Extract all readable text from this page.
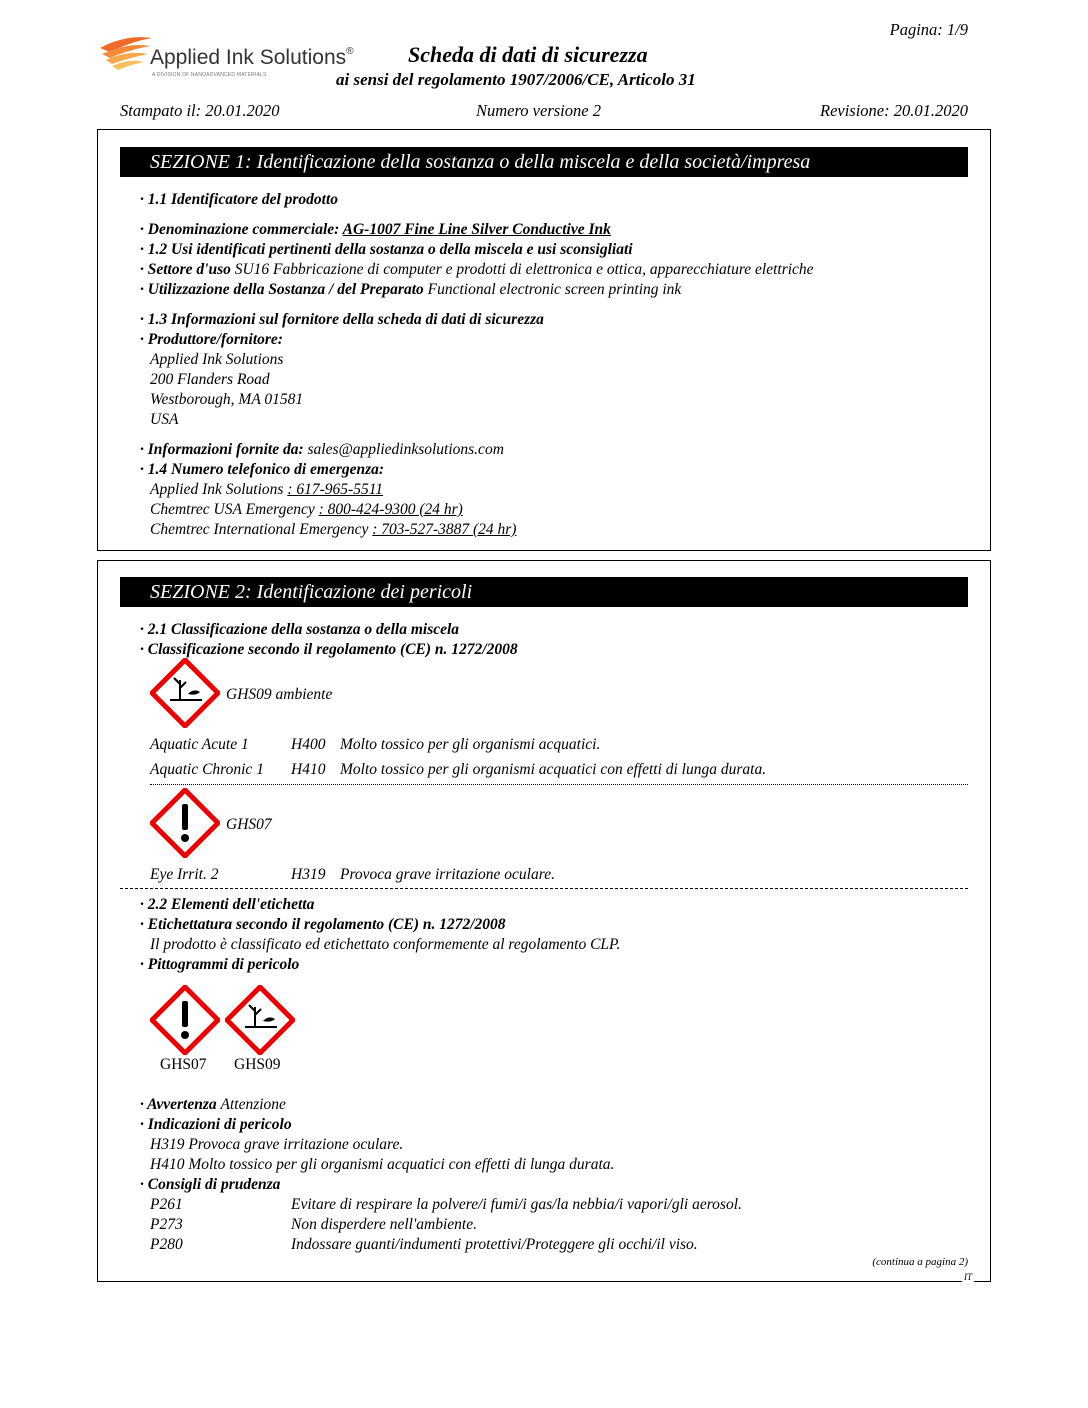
Pagina: 1/9
Applied Ink Solutions®
A DIVISION OF NANOADVANCED MATERIALS
Scheda di dati di sicurezza
ai sensi del regolamento 1907/2006/CE, Articolo 31
Stampato il: 20.01.2020	Numero versione 2	Revisione: 20.01.2020
SEZIONE 1: Identificazione della sostanza o della miscela e della società/impresa
· 1.1 Identificatore del prodotto
· Denominazione commerciale: AG-1007 Fine Line Silver Conductive Ink
· 1.2 Usi identificati pertinenti della sostanza o della miscela e usi sconsigliati
· Settore d'uso SU16 Fabbricazione di computer e prodotti di elettronica e ottica, apparecchiature elettriche
· Utilizzazione della Sostanza / del Preparato Functional electronic screen printing ink
· 1.3 Informazioni sul fornitore della scheda di dati di sicurezza
· Produttore/fornitore:
Applied Ink Solutions
200 Flanders Road
Westborough, MA 01581
USA
· Informazioni fornite da: sales@appliedinksolutions.com
· 1.4 Numero telefonico di emergenza:
Applied Ink Solutions : 617-965-5511
Chemtrec USA Emergency : 800-424-9300 (24 hr)
Chemtrec International Emergency : 703-527-3887 (24 hr)
SEZIONE 2: Identificazione dei pericoli
· 2.1 Classificazione della sostanza o della miscela
· Classificazione secondo il regolamento (CE) n. 1272/2008
GHS09 ambiente
Aquatic Acute 1	H400 Molto tossico per gli organismi acquatici.
Aquatic Chronic 1 H410 Molto tossico per gli organismi acquatici con effetti di lunga durata.
GHS07
Eye Irrit. 2	H319 Provoca grave irritazione oculare.
· 2.2 Elementi dell'etichetta
· Etichettatura secondo il regolamento (CE) n. 1272/2008
Il prodotto è classificato ed etichettato conformemente al regolamento CLP.
· Pittogrammi di pericolo
GHS07 GHS09
· Avvertenza Attenzione
· Indicazioni di pericolo
H319 Provoca grave irritazione oculare.
H410 Molto tossico per gli organismi acquatici con effetti di lunga durata.
· Consigli di prudenza
P261	Evitare di respirare la polvere/i fumi/i gas/la nebbia/i vapori/gli aerosol.
P273	Non disperdere nell'ambiente.
P280	Indossare guanti/indumenti protettivi/Proteggere gli occhi/il viso.
(continua a pagina 2)
IT
